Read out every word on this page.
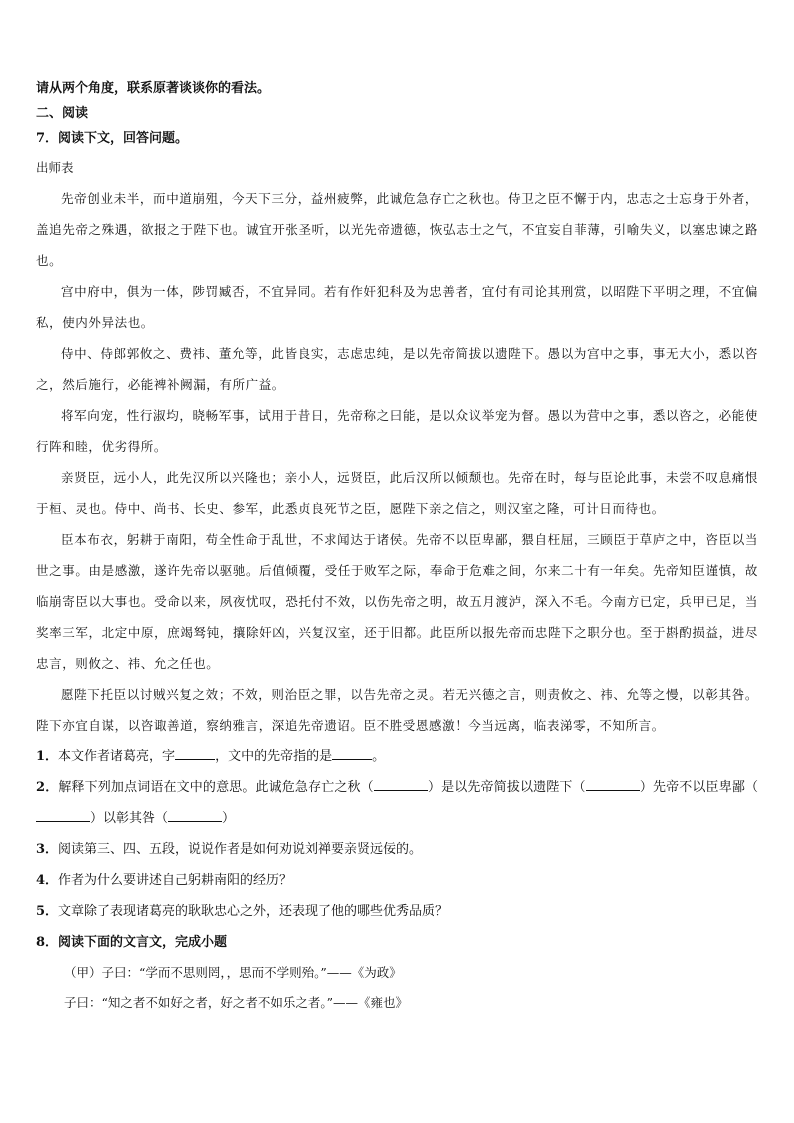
请从两个角度，联系原著谈谈你的看法。
二、阅读
7．阅读下文，回答问题。
出师表

先帝创业未半，而中道崩殂，今天下三分，益州疲弊，此诚危急存亡之秋也。侍卫之臣不懈于内，忠志之士忘身于外者，盖追先帝之殊遇，欲报之于陛下也。诚宜开张圣听，以光先帝遗德，恢弘志士之气，不宜妄自菲薄，引喻失义，以塞忠谏之路也。

宫中府中，俱为一体，陟罚臧否，不宜异同。若有作奸犯科及为忠善者，宜付有司论其刑赏，以昭陛下平明之理，不宜偏私，使内外异法也。

侍中、侍郎郭攸之、费祎、董允等，此皆良实，志虑忠纯，是以先帝简拔以遗陛下。愚以为宫中之事，事无大小，悉以咨之，然后施行，必能裨补阙漏，有所广益。

将军向宠，性行淑均，晓畅军事，试用于昔日，先帝称之曰能，是以众议举宠为督。愚以为营中之事，悉以咨之，必能使行阵和睦，优劣得所。

亲贤臣，远小人，此先汉所以兴隆也；亲小人，远贤臣，此后汉所以倾颓也。先帝在时，每与臣论此事，未尝不叹息痛恨于桓、灵也。侍中、尚书、长史、参军，此悉贞良死节之臣，愿陛下亲之信之，则汉室之隆，可计日而待也。

臣本布衣，躬耕于南阳，苟全性命于乱世，不求闻达于诸侯。先帝不以臣卑鄙，猥自枉屈，三顾臣于草庐之中，咨臣以当世之事。由是感激，遂许先帝以驱驰。后值倾覆，受任于败军之际，奉命于危难之间，尔来二十有一年矣。先帝知臣谨慎，故临崩寄臣以大事也。受命以来，夙夜忧叹，恐托付不效，以伤先帝之明，故五月渡泸，深入不毛。今南方已定，兵甲已足，当奖率三军，北定中原，庶竭驽钝，攘除奸凶，兴复汉室，还于旧都。此臣所以报先帝而忠陛下之职分也。至于斟酌损益，进尽忠言，则攸之、祎、允之任也。

愿陛下托臣以讨贼兴复之效；不效，则治臣之罪，以告先帝之灵。若无兴德之言，则责攸之、祎、允等之慢，以彰其咎。陛下亦宜自谋，以咨诹善道，察纳雅言，深追先帝遗诏。臣不胜受恩感激！今当远离，临表涕零，不知所言。

1．本文作者诸葛亮，字	，文中的先帝指的是	。

2．解释下列加点词语在文中的意思。此诚危急存亡之秋（	）是以先帝简拔以遗陛下（	）先帝不以臣卑鄙（）以彰其咎（	）

3．阅读第三、四、五段，说说作者是如何劝说刘禅要亲贤远佞的。

4．作者为什么要讲述自己躬耕南阳的经历？

5．文章除了表现诸葛亮的耿耿忠心之外，还表现了他的哪些优秀品质？

8．阅读下面的文言文，完成小题

（甲）子曰：“学而不思则罔，，思而不学则殆。”——《为政》

子曰：“知之者不如好之者，好之者不如乐之者。”——《雍也》
